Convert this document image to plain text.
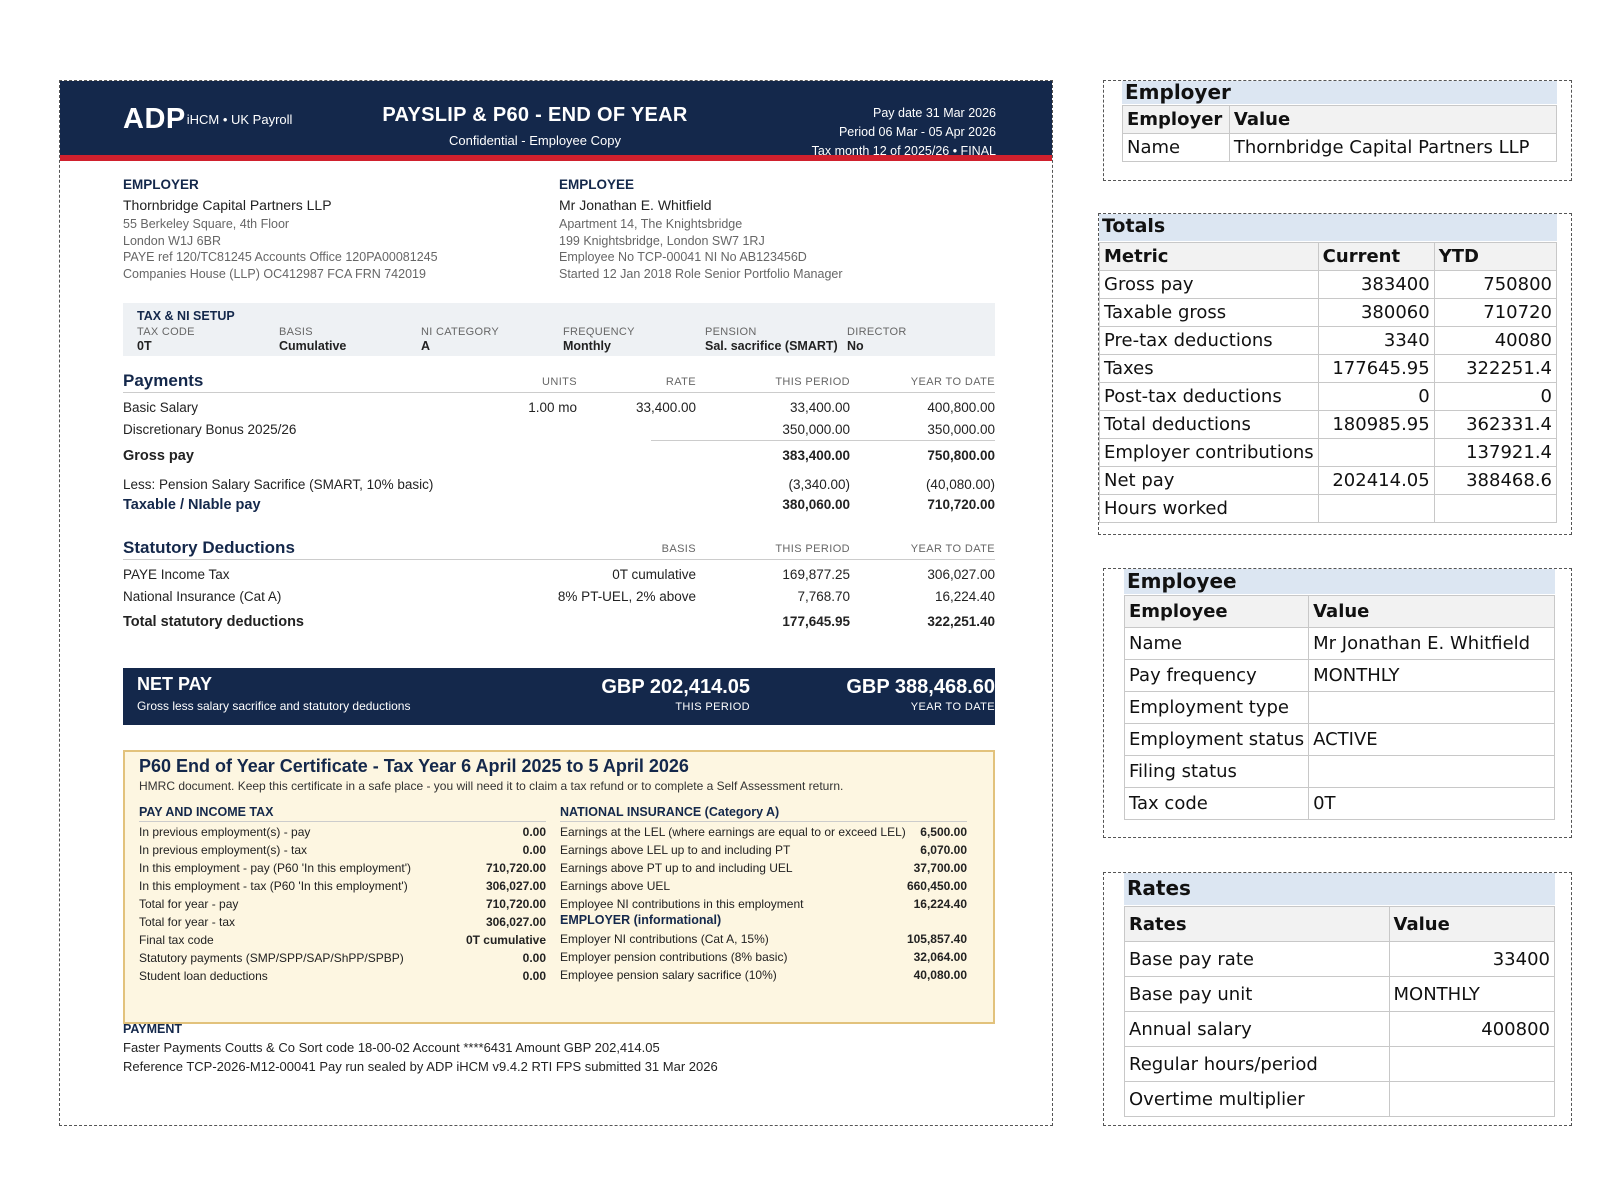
$ADP^{iHCM • UK Payroll}$	PAYSLIP & P60 - END OF YEAR
Confidential - Employee Copy
Pay date 31 Mar 2026
Period 06 Mar - 05 Apr 2026
Tax month 12 of 2025/26 • FINAL
EMPLOYER
Thornbridge Capital Partners LLP
55 Berkeley Square, 4th Floor
London W1J 6BR
PAYE ref 120/TC81245 Accounts Office 120PA00081245
Companies House (LLP) OC412987 FCA FRN 742019
EMPLOYEE
Mr Jonathan E. Whitfield
Apartment 14, The Knightsbridge
199 Knightsbridge, London SW7 1RJ
Employee No TCP-00041 NI No AB123456D
Started 12 Jan 2018 Role Senior Portfolio Manager
TAX & NI SETUP
TAX CODE
0T
BASIS
Cumulative
NI CATEGORY
A
FREQUENCY
Monthly
PENSION
Sal. sacrifice (SMART)
DIRECTOR
No
Payments	UNITS	RATE	THIS PERIOD	YEAR TO DATE
Basic Salary	1.00 mo	33,400.00	33,400.00	400,800.00
Discretionary Bonus 2025/26	350,000.00	350,000.00
Gross pay	383,400.00	750,800.00
Less: Pension Salary Sacrifice (SMART, 10% basic)	(3,340.00)	(40,080.00)
Taxable / NIable pay	380,060.00	710,720.00
Statutory Deductions	BASIS	THIS PERIOD	YEAR TO DATE
PAYE Income Tax	0T cumulative	169,877.25	306,027.00
National Insurance (Cat A)	8% PT-UEL, 2% above	7,768.70	16,224.40
Total statutory deductions	177,645.95	322,251.40
NET PAY
Gross less salary sacrifice and statutory deductions
GBP 202,414.05
THIS PERIOD
GBP 388,468.60
YEAR TO DATE
P60 End of Year Certificate - Tax Year 6 April 2025 to 5 April 2026
HMRC document. Keep this certificate in a safe place - you will need it to claim a tax refund or to complete a Self Assessment return.
PAY AND INCOME TAX
In previous employment(s) - pay	0.00
In previous employment(s) - tax	0.00
In this employment - pay (P60 'In this employment')	710,720.00
In this employment - tax (P60 'In this employment')	306,027.00
Total for year - pay	710,720.00
Total for year - tax	306,027.00
Final tax code	0T cumulative
Statutory payments (SMP/SPP/SAP/ShPP/SPBP)	0.00
Student loan deductions	0.00
NATIONAL INSURANCE (Category A)
Earnings at the LEL (where earnings are equal to or exceed LEL) 6,500.00
Earnings above LEL up to and including PT	6,070.00
Earnings above PT up to and including UEL	37,700.00
Earnings above UEL	660,450.00
Employee NI contributions in this employment	16,224.40
EMPLOYER (informational)
Employer NI contributions (Cat A, 15%)	105,857.40
Employer pension contributions (8% basic)	32,064.00
Employee pension salary sacrifice (10%)	40,080.00
PAYMENT
Faster Payments Coutts & Co Sort code 18-00-02 Account ****6431 Amount GBP 202,414.05
Reference TCP-2026-M12-00041 Pay run sealed by ADP iHCM v9.4.2 RTI FPS submitted 31 Mar 2026
Employer
Employer	Value
Name	Thornbridge Capital Partners LLP
Totals
Metric	Current	YTD
Gross pay	383400	750800
Taxable gross	380060	710720
Pre-tax deductions	3340	40080
Taxes	177645.95	322251.4
Post-tax deductions	0	0
Total deductions	180985.95	362331.4
Employer contributions		137921.4
Net pay	202414.05	388468.6
Hours worked		
Employee
Employee	Value
Name	Mr Jonathan E. Whitfield
Pay frequency	MONTHLY
Employment type	
Employment status	ACTIVE
Filing status	
Tax code	0T
Rates
Rates	Value
Base pay rate	33400
Base pay unit	MONTHLY
Annual salary	400800
Regular hours/period	
Overtime multiplier	
